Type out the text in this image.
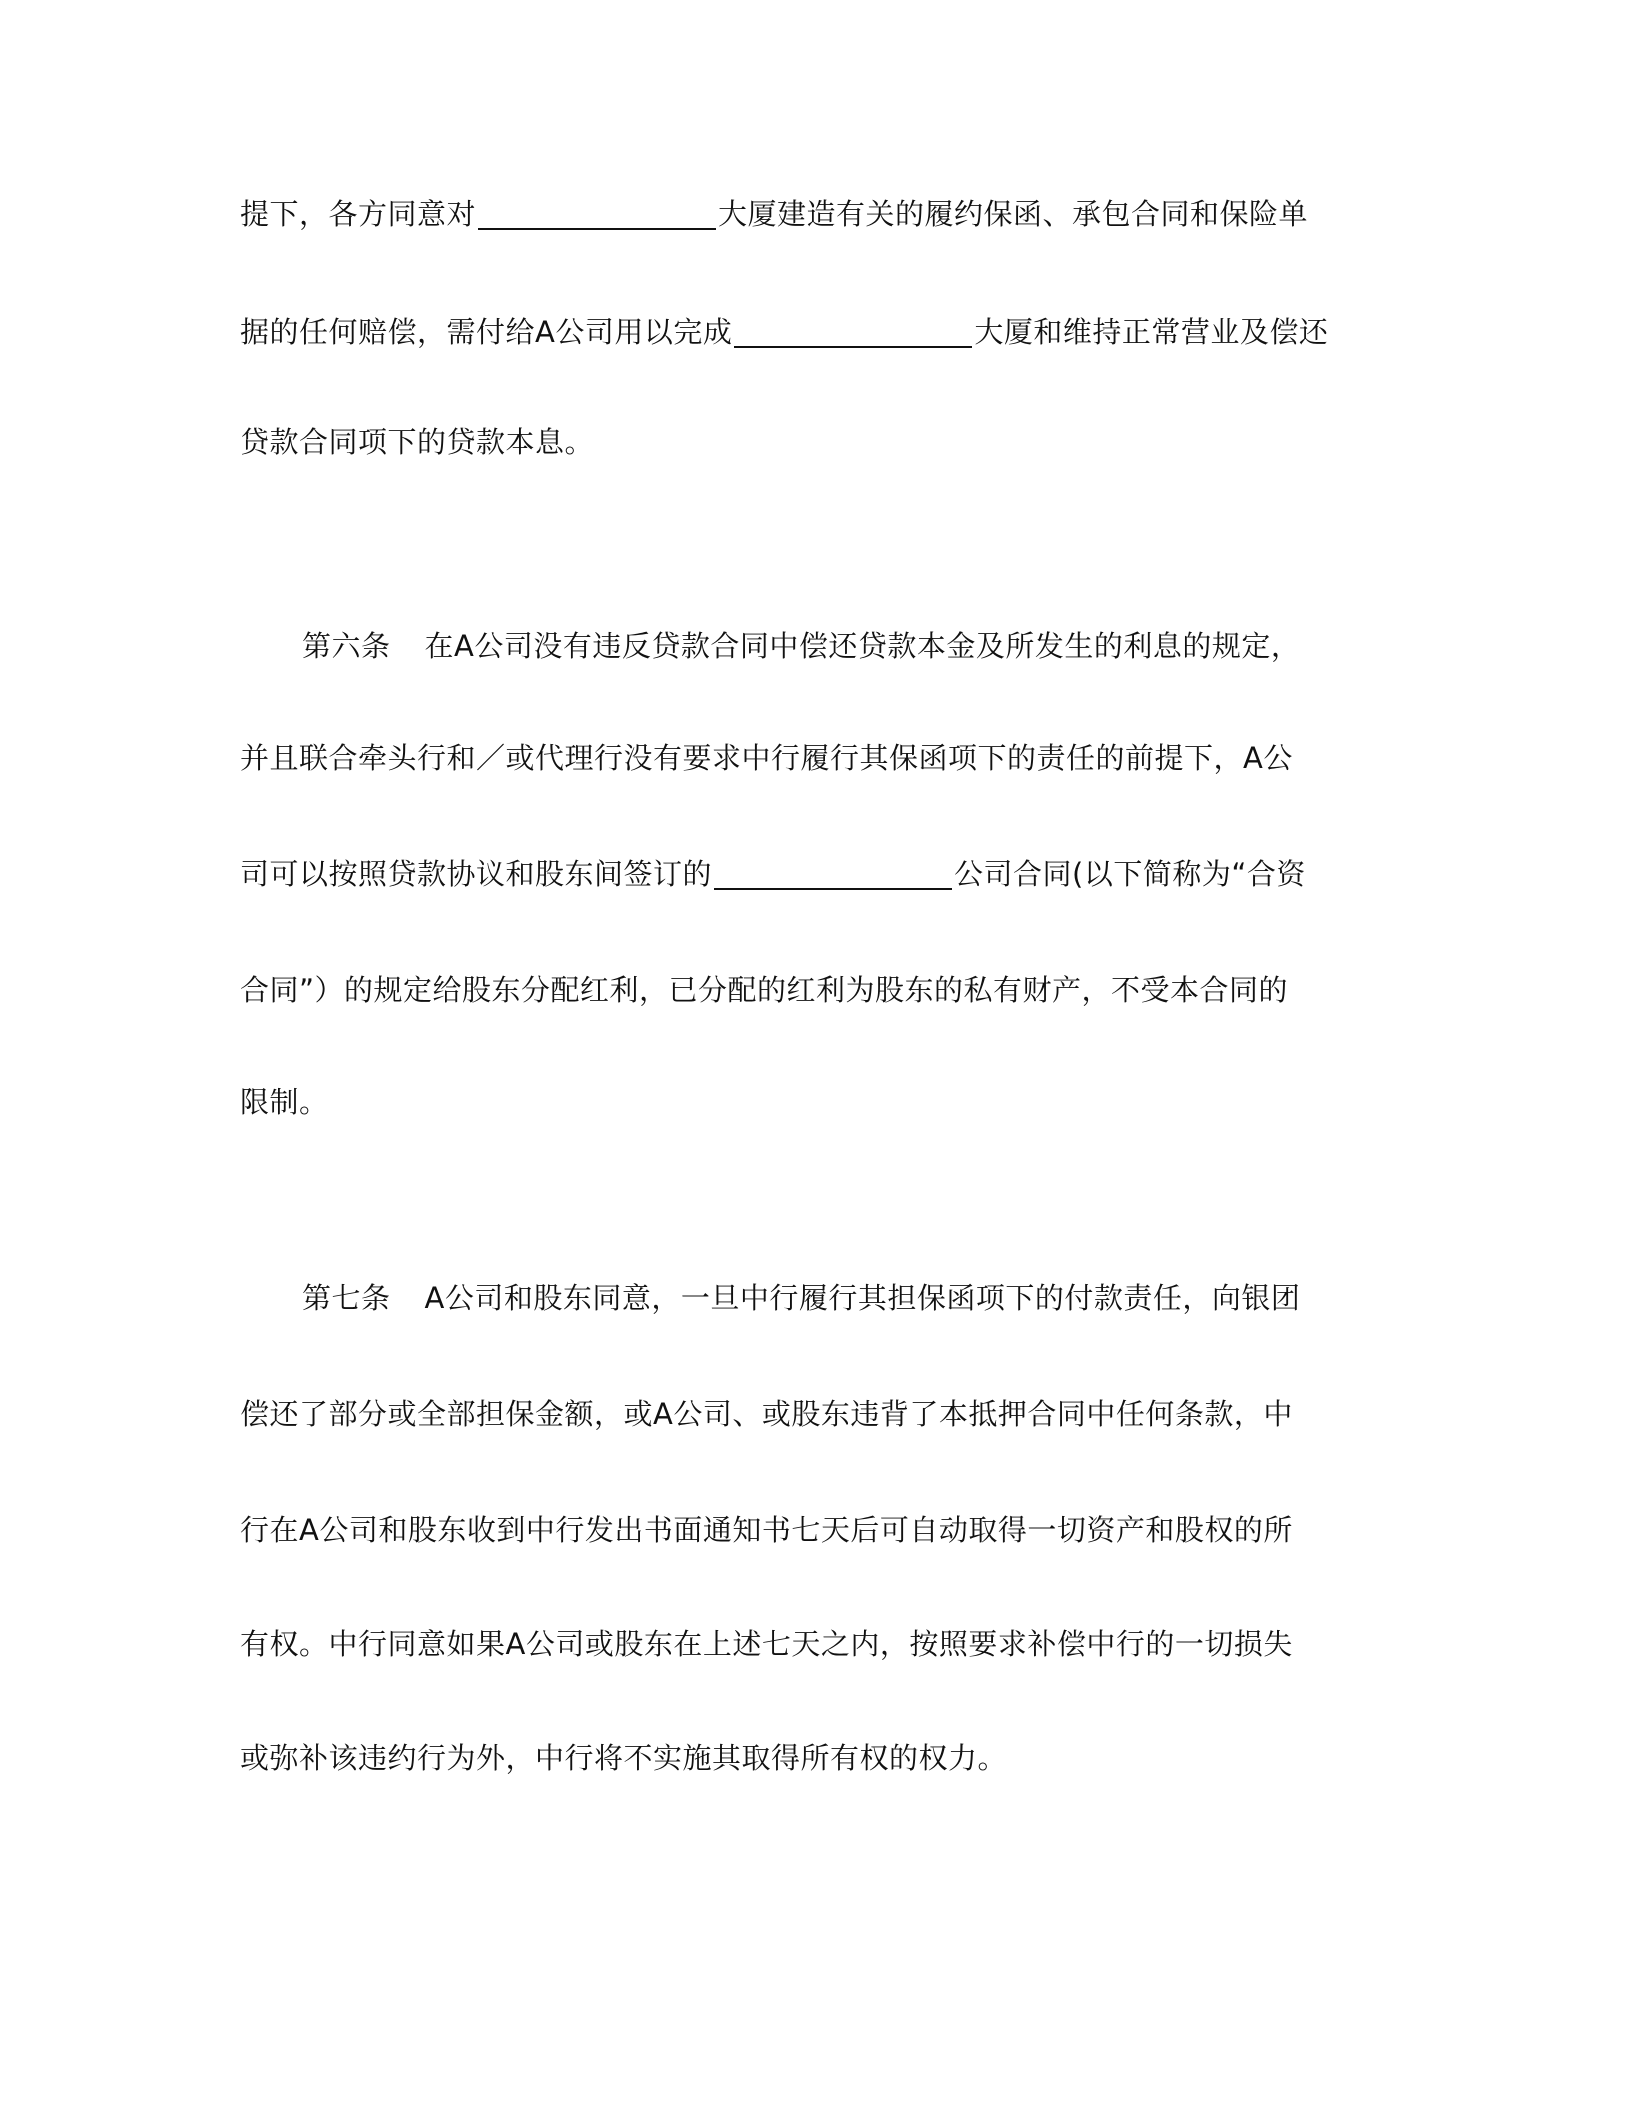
提下，各方同意对	大厦建造有关的履约保函、承包合同和保险单
据的任何赔偿，需付给A公司用以完成	大厦和维持正常营业及偿还
贷款合同项下的贷款本息。
第六条 在A公司没有违反贷款合同中偿还贷款本金及所发生的利息的规定，
并且联合牵头行和／或代理行没有要求中行履行其保函项下的责任的前提下，A公
司可以按照贷款协议和股东间签订的	公司合同(以下简称为“合资
合同”）的规定给股东分配红利，已分配的红利为股东的私有财产，不受本合同的
限制。
第七条 A公司和股东同意，一旦中行履行其担保函项下的付款责任，向银团
偿还了部分或全部担保金额，或A公司、或股东违背了本抵押合同中任何条款，中
行在A公司和股东收到中行发出书面通知书七天后可自动取得一切资产和股权的所
有权。中行同意如果A公司或股东在上述七天之内，按照要求补偿中行的一切损失
或弥补该违约行为外，中行将不实施其取得所有权的权力。
